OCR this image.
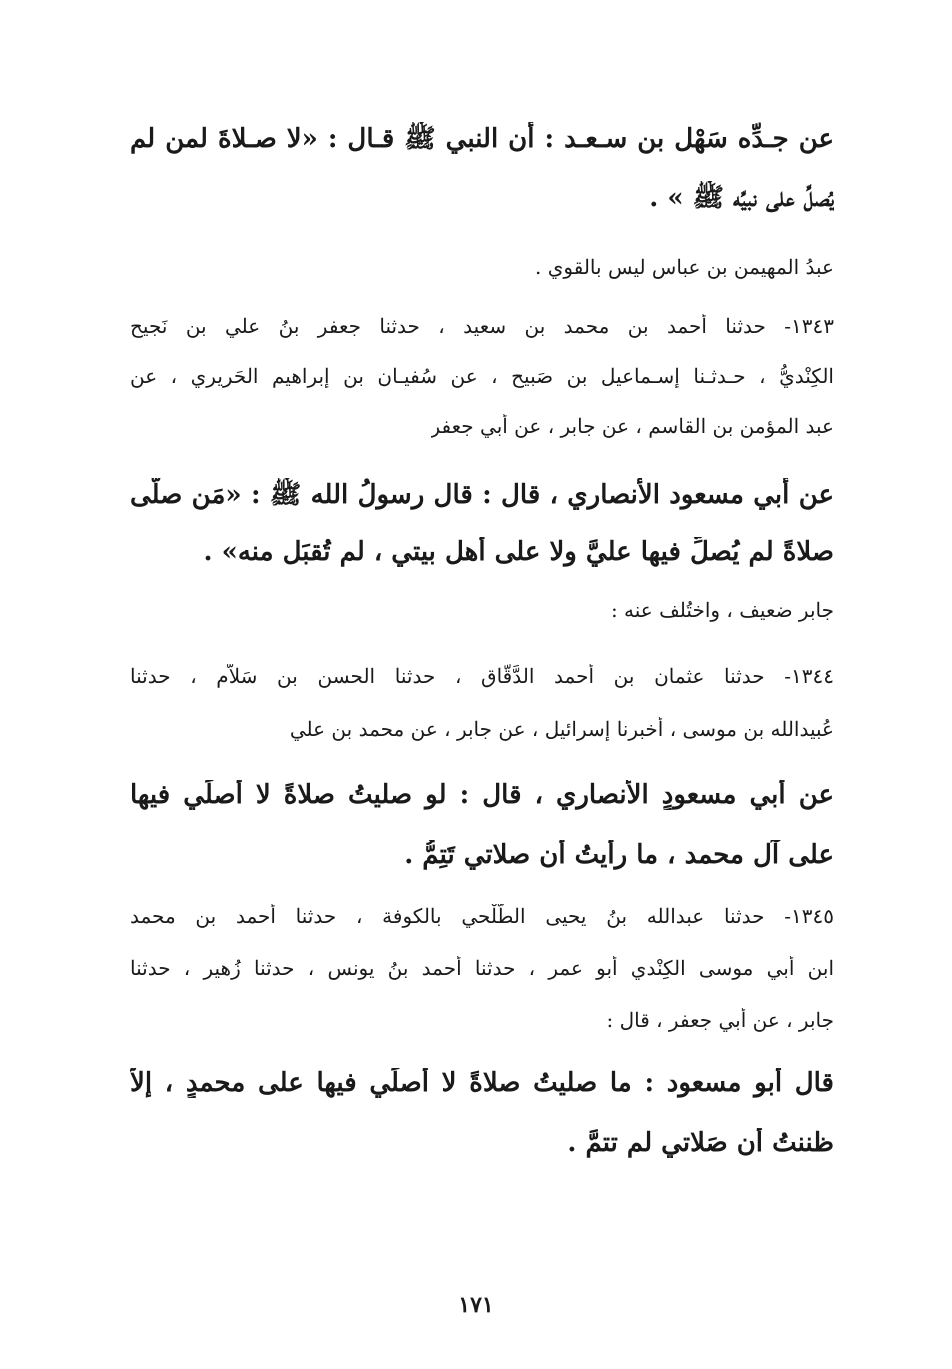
عن جـدِّه سَهْل بن سـعـد : أن النبي ﷺ قـال : «لا صـلاةَ لمن لم
يُصلِّ على نبيِّه ﷺ » .
عبدُ المهيمن بن عباس ليس بالقوي .
١٣٤٣- حدثنا أحمد بن محمد بنِ سعيد ، حدثنا جعفر بنُ علي بن نَجيح
الكِنْديُّ ، حـدثـنا إسـماعيل بن صَبيح ، عن سُفيـان بن إبراهيم الحَريري ، عن
عبد المؤمن بن القاسم ، عن جابرٍ ، عن أبي جعفر
عن أبي مسعود الأنصاري ، قال : قال رسولُ الله ﷺ : «مَن صلَّى
صلاةً لم يُصلِّ فيها عليَّ ولا على أهل بيتي ، لم تُقبَل منه» .
جابر ضعيف ، واختُلف عنه :
١٣٤٤- حدثنا عثمان بن أحمد الدَّقَّاق ، حدثنا الحسن بن سَلاَّم ، حدثنا
عُبيدالله بن موسى ، أخبرنا إسرائيل ، عن جابر ، عن محمد بن علي
عن أبي مسعودٍ الأنصاري ، قال : لو صليتُ صلاةً لا أصلِّي فيها
على آل محمد ، ما رأيتُ أن صلاتي تَتِمُّ .
١٣٤٥- حدثنا عبدالله بنُ يحيى الطَّلْحي بالكوفة ، حدثنا أحمد بن محمد
ابن أبي موسى الكِنْدي أبو عمر ، حدثنا أحمد بنُ يونس ، حدثنا زُهير ، حدثنا
جابر ، عن أبي جعفر ، قال :
قال أبو مسعود : ما صليتُ صلاةً لا أصلِّي فيها على محمدٍ ، إلاّ
ظننتُ أن صَلاتي لم تتمَّ .
١٧١
